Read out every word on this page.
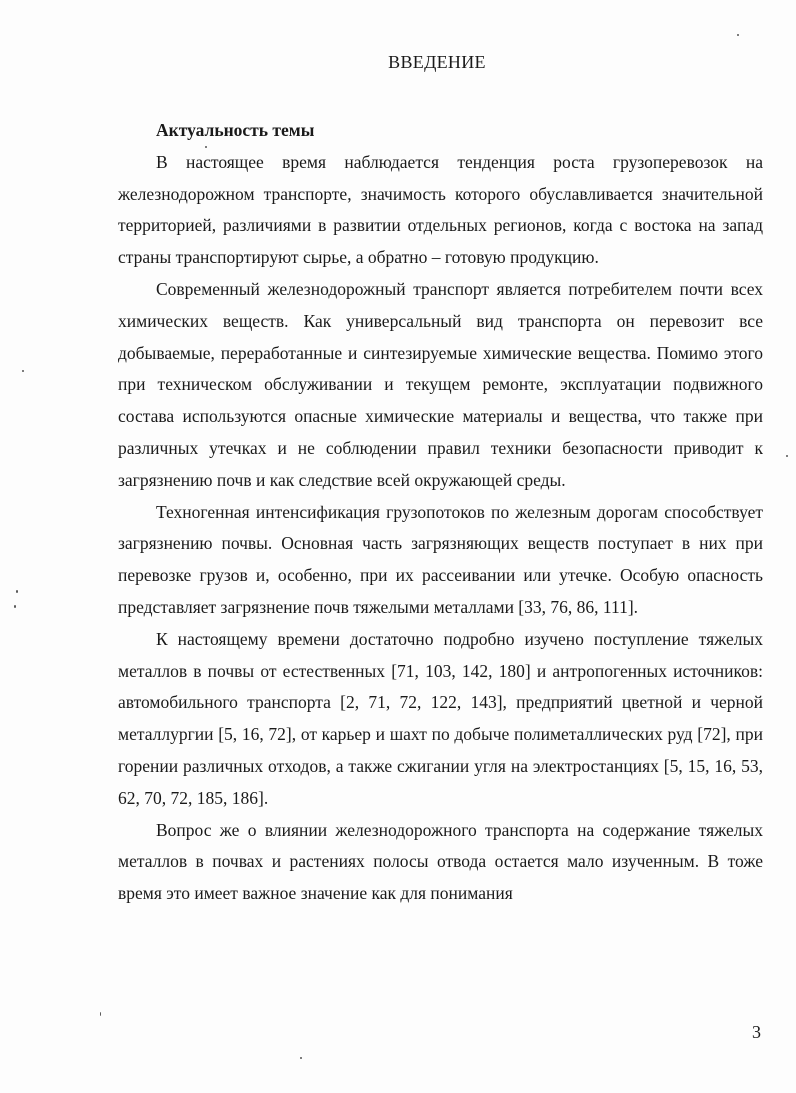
ВВЕДЕНИЕ

Актуальность темы

В настоящее время наблюдается тенденция роста грузоперевозок на железнодорожном транспорте, значимость которого обуславливается значительной территорией, различиями в развитии отдельных регионов, когда с востока на запад страны транспортируют сырье, а обратно – готовую продукцию.

Современный железнодорожный транспорт является потребителем почти всех химических веществ. Как универсальный вид транспорта он перевозит все добываемые, переработанные и синтезируемые химические вещества. Помимо этого при техническом обслуживании и текущем ремонте, эксплуатации подвижного состава используются опасные химические материалы и вещества, что также при различных утечках и не соблюдении правил техники безопасности приводит к загрязнению почв и как следствие всей окружающей среды.

Техногенная интенсификация грузопотоков по железным дорогам способствует загрязнению почвы. Основная часть загрязняющих веществ поступает в них при перевозке грузов и, особенно, при их рассеивании или утечке. Особую опасность представляет загрязнение почв тяжелыми металлами [33, 76, 86, 111].

К настоящему времени достаточно подробно изучено поступление тяжелых металлов в почвы от естественных [71, 103, 142, 180] и антропогенных источников: автомобильного транспорта [2, 71, 72, 122, 143], предприятий цветной и черной металлургии [5, 16, 72], от карьер и шахт по добыче полиметаллических руд [72], при горении различных отходов, а также сжигании угля на электростанциях [5, 15, 16, 53, 62, 70, 72, 185, 186].

Вопрос же о влиянии железнодорожного транспорта на содержание тяжелых металлов в почвах и растениях полосы отвода остается мало изученным. В тоже время это имеет важное значение как для понимания

3
